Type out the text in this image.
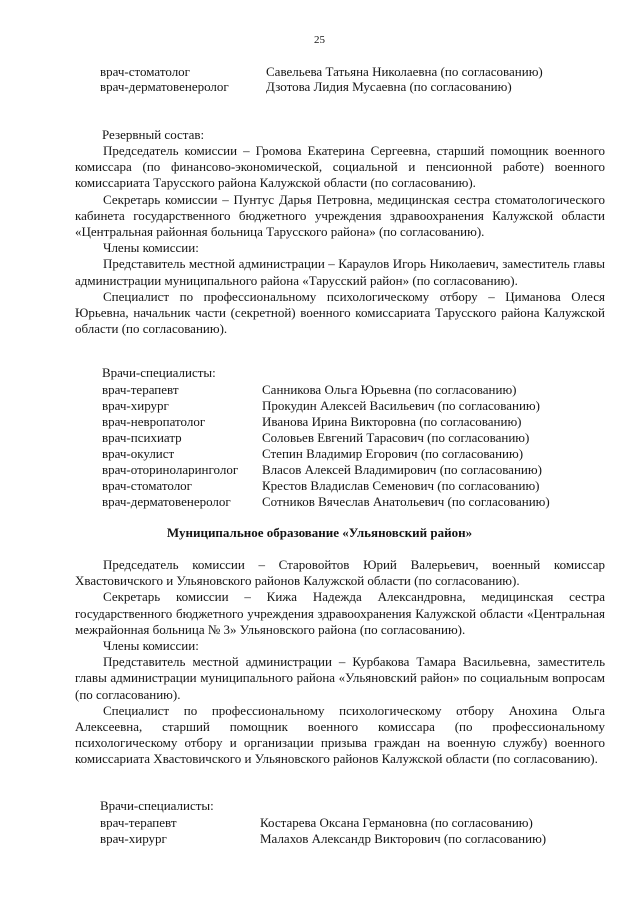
25
врач-стоматолог	Савельева Татьяна Николаевна (по согласованию)
врач-дерматовенеролог	Дзотова Лидия Мусаевна (по согласованию)
Резервный состав:

Председатель комиссии – Громова Екатерина Сергеевна, старший помощник военного комиссара (по финансово-экономической, социальной и пенсионной работе) военного комиссариата Тарусского района Калужской области (по согласованию).

Секретарь комиссии – Пунтус Дарья Петровна, медицинская сестра стоматологического кабинета государственного бюджетного учреждения здравоохранения Калужской области «Центральная районная больница Тарусского района» (по согласованию).

Члены комиссии:

Представитель местной администрации – Караулов Игорь Николаевич, заместитель главы администрации муниципального района «Тарусский район» (по согласованию).

Специалист по профессиональному психологическому отбору – Циманова Олеся Юрьевна, начальник части (секретной) военного комиссариата Тарусского района Калужской области (по согласованию).

Врачи-специалисты:
врач-терапевт	Санникова Ольга Юрьевна (по согласованию)
врач-хирург	Прокудин Алексей Васильевич (по согласованию)
врач-невропатолог	Иванова Ирина Викторовна (по согласованию)
врач-психиатр	Соловьев Евгений Тарасович (по согласованию)
врач-окулист	Степин Владимир Егорович (по согласованию)
врач-оториноларинголог Власов Алексей Владимирович (по согласованию)
врач-стоматолог	Крестов Владислав Семенович (по согласованию)
врач-дерматовенеролог Сотников Вячеслав Анатольевич (по согласованию)
Муниципальное образование «Ульяновский район»

Председатель комиссии – Старовойтов Юрий Валерьевич, военный комиссар Хвастовичского и Ульяновского районов Калужской области (по согласованию).

Секретарь комиссии – Кижа Надежда Александровна, медицинская сестра государственного бюджетного учреждения здравоохранения Калужской области «Центральная межрайонная больница № 3» Ульяновского района (по согласованию).

Члены комиссии:

Представитель местной администрации – Курбакова Тамара Васильевна, заместитель главы администрации муниципального района «Ульяновский район» по социальным вопросам (по согласованию).

Специалист по профессиональному психологическому отбору Анохина Ольга Алексеевна, старший помощник военного комиссара (по профессиональному психологическому отбору и организации призыва граждан на военную службу) военного комиссариата Хвастовичского и Ульяновского районов Калужской области (по согласованию).

Врачи-специалисты:
врач-терапевт	Костарева Оксана Германовна (по согласованию)
врач-хирург	Малахов Александр Викторович (по согласованию)
